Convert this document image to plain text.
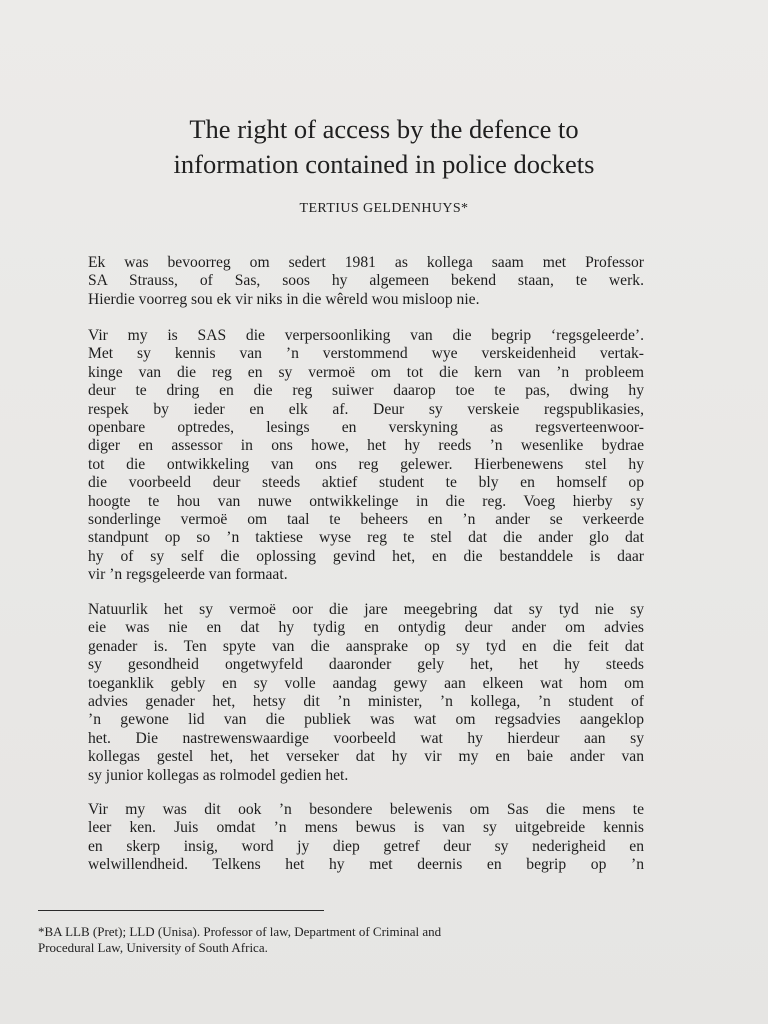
The right of access by the defence to
information contained in police dockets
TERTIUS GELDENHUYS*
Ek was bevoorreg om sedert 1981 as kollega saam met Professor
SA Strauss, of Sas, soos hy algemeen bekend staan, te werk.
Hierdie voorreg sou ek vir niks in die wêreld wou misloop nie.
Vir my is SAS die verpersoonliking van die begrip ‘regsgeleerde’.
Met sy kennis van ’n verstommend wye verskeidenheid vertak-
kinge van die reg en sy vermoë om tot die kern van ’n probleem
deur te dring en die reg suiwer daarop toe te pas, dwing hy
respek by ieder en elk af. Deur sy verskeie regspublikasies,
openbare optredes, lesings en verskyning as regsverteenwoor-
diger en assessor in ons howe, het hy reeds ’n wesenlike bydrae
tot die ontwikkeling van ons reg gelewer. Hierbenewens stel hy
die voorbeeld deur steeds aktief student te bly en homself op
hoogte te hou van nuwe ontwikkelinge in die reg. Voeg hierby sy
sonderlinge vermoë om taal te beheers en ’n ander se verkeerde
standpunt op so ’n taktiese wyse reg te stel dat die ander glo dat
hy of sy self die oplossing gevind het, en die bestanddele is daar
vir ’n regsgeleerde van formaat.
Natuurlik het sy vermoë oor die jare meegebring dat sy tyd nie sy
eie was nie en dat hy tydig en ontydig deur ander om advies
genader is. Ten spyte van die aansprake op sy tyd en die feit dat
sy gesondheid ongetwyfeld daaronder gely het, het hy steeds
toeganklik gebly en sy volle aandag gewy aan elkeen wat hom om
advies genader het, hetsy dit ’n minister, ’n kollega, ’n student of
’n gewone lid van die publiek was wat om regsadvies aangeklop
het. Die nastrewenswaardige voorbeeld wat hy hierdeur aan sy
kollegas gestel het, het verseker dat hy vir my en baie ander van
sy junior kollegas as rolmodel gedien het.
Vir my was dit ook ’n besondere belewenis om Sas die mens te
leer ken. Juis omdat ’n mens bewus is van sy uitgebreide kennis
en skerp insig, word jy diep getref deur sy nederigheid en
welwillendheid. Telkens het hy met deernis en begrip op ’n
*BA LLB (Pret); LLD (Unisa). Professor of law, Department of Criminal and
Procedural Law, University of South Africa.
